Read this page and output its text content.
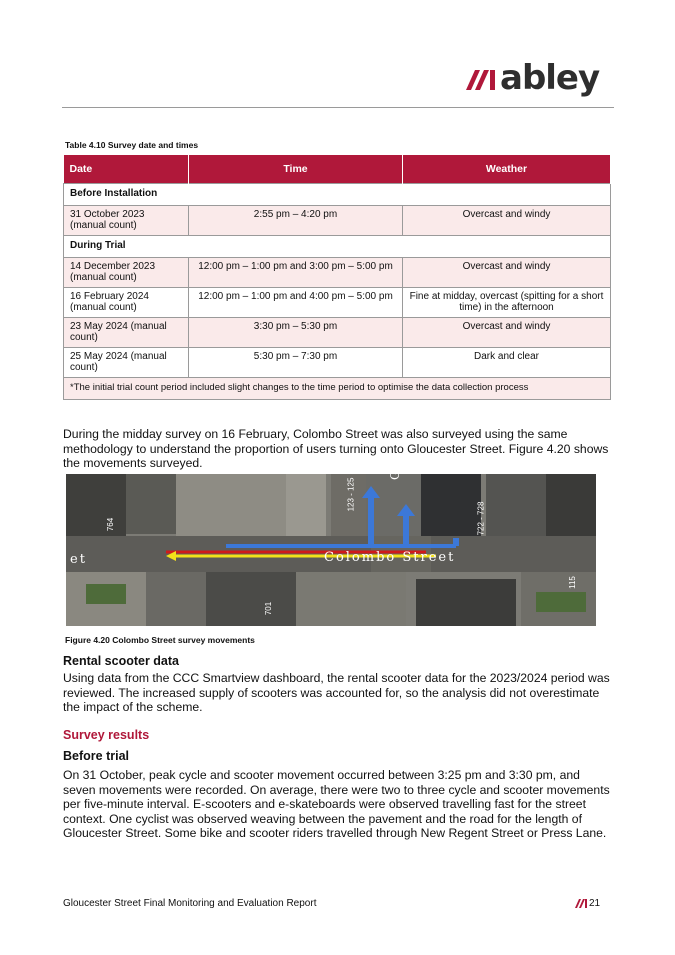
abley
Table 4.10 Survey date and times
Date	Time	Weather
Before Installation		
31 October 2023 (manual count)	2:55 pm – 4:20 pm	Overcast and windy
During Trial		
14 December 2023 (manual count)	12:00 pm – 1:00 pm and 3:00 pm – 5:00 pm	Overcast and windy
16 February 2024 (manual count)	12:00 pm – 1:00 pm and 4:00 pm – 5:00 pm	Fine at midday, overcast (spitting for a short time) in the afternoon
23 May 2024 (manual count)	3:30 pm – 5:30 pm	Overcast and windy
25 May 2024 (manual count)	5:30 pm – 7:30 pm	Dark and clear
*The initial trial count period included slight changes to the time period to optimise the data collection process		

During the midday survey on 16 February, Colombo Street was also surveyed using the same methodology to understand the proportion of users turning onto Gloucester Street. Figure 4.20 shows the movements surveyed.

Colombo Street
et
Glo
764
123 - 125
722 - 728
701
115
Figure 4.20 Colombo Street survey movements
Rental scooter data

Using data from the CCC Smartview dashboard, the rental scooter data for the 2023/2024 period was reviewed. The increased supply of scooters was accounted for, so the analysis did not overestimate the impact of the scheme.

Survey results
Before trial

On 31 October, peak cycle and scooter movement occurred between 3:25 pm and 3:30 pm, and seven movements were recorded. On average, there were two to three cycle and scooter movements per five-minute interval. E-scooters and e-skateboards were observed travelling fast for the street context. One cyclist was observed weaving between the pavement and the road for the length of Gloucester Street. Some bike and scooter riders travelled through New Regent Street or Press Lane.

Gloucester Street Final Monitoring and Evaluation Report	21
